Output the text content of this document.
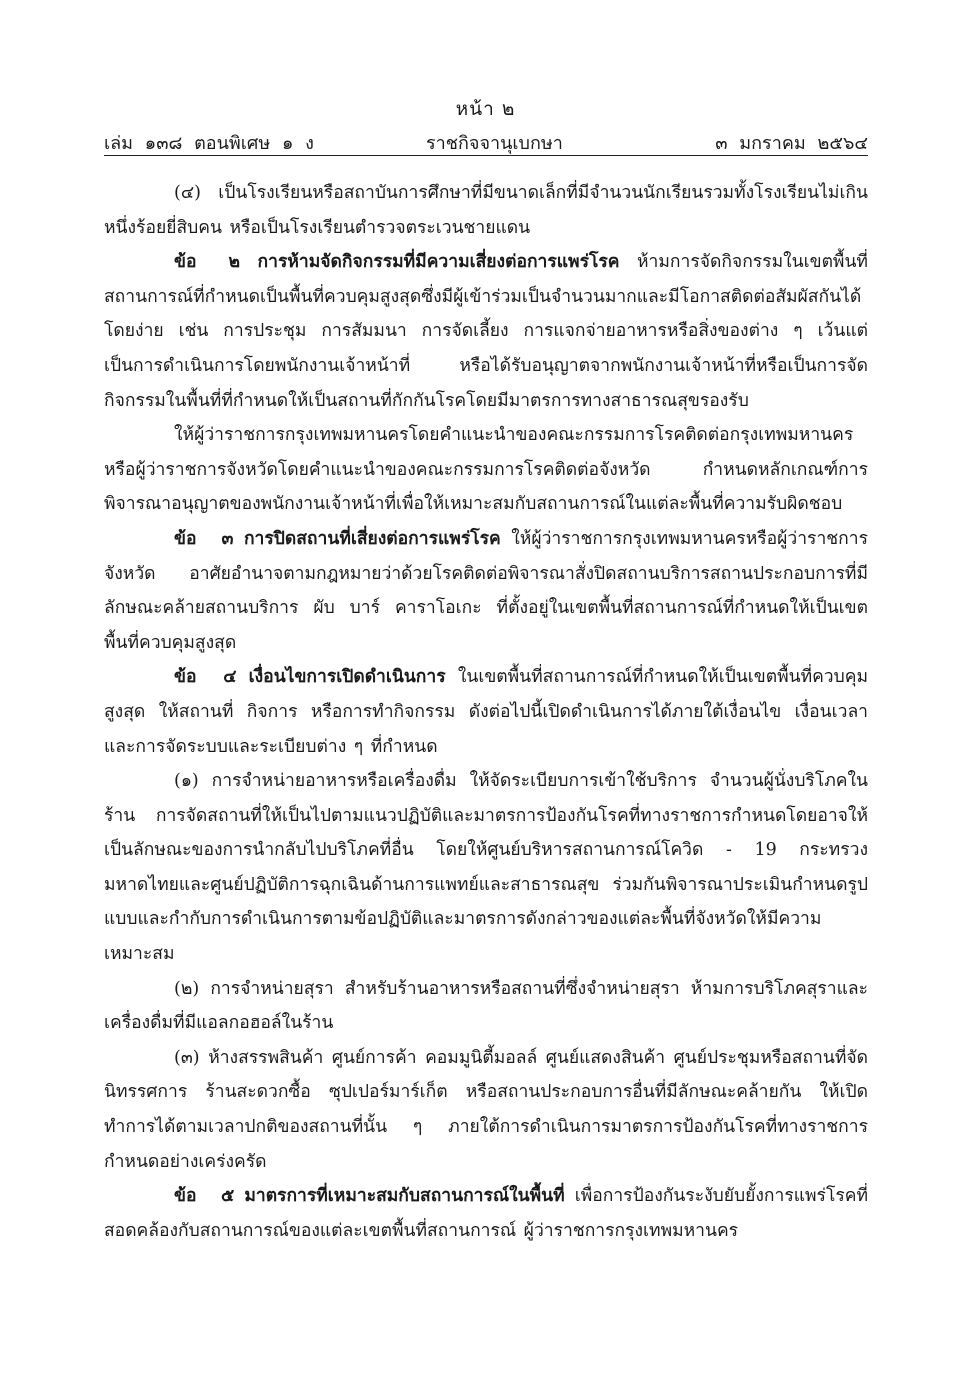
หน้า ๒
เล่ม ๑๓๘ ตอนพิเศษ ๑ ง	ราชกิจจานุเบกษา	๓ มกราคม ๒๕๖๔

(๔) เป็นโรงเรียนหรือสถาบันการศึกษาที่มีขนาดเล็กที่มีจำนวนนักเรียนรวมทั้งโรงเรียนไม่เกินหนึ่งร้อยยี่สิบคน หรือเป็นโรงเรียนตำรวจตระเวนชายแดน

ข้อ ๒ การห้ามจัดกิจกรรมที่มีความเสี่ยงต่อการแพร่โรค ห้ามการจัดกิจกรรมในเขตพื้นที่สถานการณ์ที่กำหนดเป็นพื้นที่ควบคุมสูงสุดซึ่งมีผู้เข้าร่วมเป็นจำนวนมากและมีโอกาสติดต่อสัมผัสกันได้โดยง่าย เช่น การประชุม การสัมมนา การจัดเลี้ยง การแจกจ่ายอาหารหรือสิ่งของต่าง ๆ เว้นแต่เป็นการดำเนินการโดยพนักงานเจ้าหน้าที่ หรือได้รับอนุญาตจากพนักงานเจ้าหน้าที่หรือเป็นการจัดกิจกรรมในพื้นที่ที่กำหนดให้เป็นสถานที่กักกันโรคโดยมีมาตรการทางสาธารณสุขรองรับ

ให้ผู้ว่าราชการกรุงเทพมหานครโดยคำแนะนำของคณะกรรมการโรคติดต่อกรุงเทพมหานครหรือผู้ว่าราชการจังหวัดโดยคำแนะนำของคณะกรรมการโรคติดต่อจังหวัด กำหนดหลักเกณฑ์การพิจารณาอนุญาตของพนักงานเจ้าหน้าที่เพื่อให้เหมาะสมกับสถานการณ์ในแต่ละพื้นที่ความรับผิดชอบ

ข้อ ๓ การปิดสถานที่เสี่ยงต่อการแพร่โรค ให้ผู้ว่าราชการกรุงเทพมหานครหรือผู้ว่าราชการจังหวัด อาศัยอำนาจตามกฎหมายว่าด้วยโรคติดต่อพิจารณาสั่งปิดสถานบริการสถานประกอบการที่มีลักษณะคล้ายสถานบริการ ผับ บาร์ คาราโอเกะ ที่ตั้งอยู่ในเขตพื้นที่สถานการณ์ที่กำหนดให้เป็นเขตพื้นที่ควบคุมสูงสุด

ข้อ ๔ เงื่อนไขการเปิดดำเนินการ ในเขตพื้นที่สถานการณ์ที่กำหนดให้เป็นเขตพื้นที่ควบคุมสูงสุด ให้สถานที่ กิจการ หรือการทำกิจกรรม ดังต่อไปนี้เปิดดำเนินการได้ภายใต้เงื่อนไข เงื่อนเวลาและการจัดระบบและระเบียบต่าง ๆ ที่กำหนด

(๑) การจำหน่ายอาหารหรือเครื่องดื่ม ให้จัดระเบียบการเข้าใช้บริการ จำนวนผู้นั่งบริโภคในร้าน การจัดสถานที่ให้เป็นไปตามแนวปฏิบัติและมาตรการป้องกันโรคที่ทางราชการกำหนดโดยอาจให้เป็นลักษณะของการนำกลับไปบริโภคที่อื่น โดยให้ศูนย์บริหารสถานการณ์โควิด - 19 กระทรวงมหาดไทยและศูนย์ปฏิบัติการฉุกเฉินด้านการแพทย์และสาธารณสุข ร่วมกันพิจารณาประเมินกำหนดรูปแบบและกำกับการดำเนินการตามข้อปฏิบัติและมาตรการดังกล่าวของแต่ละพื้นที่จังหวัดให้มีความเหมาะสม

(๒) การจำหน่ายสุรา สำหรับร้านอาหารหรือสถานที่ซึ่งจำหน่ายสุรา ห้ามการบริโภคสุราและเครื่องดื่มที่มีแอลกอฮอล์ในร้าน

(๓) ห้างสรรพสินค้า ศูนย์การค้า คอมมูนิตี้มอลล์ ศูนย์แสดงสินค้า ศูนย์ประชุมหรือสถานที่จัดนิทรรศการ ร้านสะดวกซื้อ ซุปเปอร์มาร์เก็ต หรือสถานประกอบการอื่นที่มีลักษณะคล้ายกัน ให้เปิดทำการได้ตามเวลาปกติของสถานที่นั้น ๆ ภายใต้การดำเนินการมาตรการป้องกันโรคที่ทางราชการกำหนดอย่างเคร่งครัด

ข้อ ๕ มาตรการที่เหมาะสมกับสถานการณ์ในพื้นที่ เพื่อการป้องกันระงับยับยั้งการแพร่โรคที่สอดคล้องกับสถานการณ์ของแต่ละเขตพื้นที่สถานการณ์ ผู้ว่าราชการกรุงเทพมหานคร
